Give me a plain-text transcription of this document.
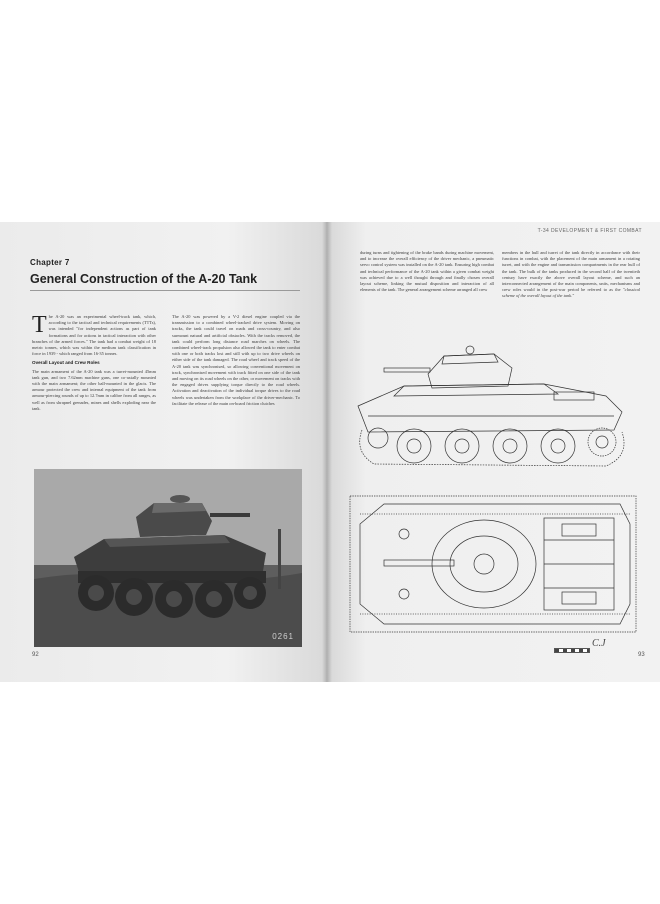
Chapter 7
General Construction of the A-20 Tank

The A-20 was an experimental wheel-track tank, which, according to the tactical and technical requirements (TTTs), was intended "for independent actions as part of tank formations and for actions in tactical interaction with other branches of the armed forces." The tank had a combat weight of 18 metric tonnes, which was within the medium tank classification in force in 1939 - which ranged from 16-35 tonnes.

Overall Layout and Crew Roles

The main armament of the A-20 tank was a turret-mounted 45mm tank gun, and two 7.62mm machine guns, one co-axially mounted with the main armament; the other ball-mounted in the glacis. The armour protected the crew and internal equipment of the tank from armour-piercing rounds of up to 12.7mm in calibre from all ranges, as well as from shrapnel grenades, mines and shells exploding near the tank.

The A-20 was powered by a V-2 diesel engine coupled via the transmission to a combined wheel-tracked drive system. Moving on tracks, the tank could travel on roads and cross-country, and also surmount natural and artificial obstacles. With the tracks removed, the tank could perform long distance road marches on wheels. The combined wheel-track propulsion also allowed the tank to enter combat with one or both tracks lost and still with up to two drive wheels on either side of the tank damaged. The road wheel and track speed of the A-20 tank was synchronised, so allowing conventional movement on track, synchronised movement with track fitted on one side of the tank and moving on its road wheels on the other, or movement on tracks with the engaged drives supplying torque directly to the road wheels. Activation and deactivation of the individual torque drives to the road wheels was undertaken from the workplace of the driver-mechanic. To facilitate the release of the main on-board friction clutches

0261
92
T-34 DEVELOPMENT & FIRST COMBAT

during turns and tightening of the brake bands during machine movement, and to increase the overall efficiency of the driver mechanic, a pneumatic servo control system was installed on the A-20 tank. Ensuring high combat and technical performance of the A-20 tank within a given combat weight was achieved due to a well thought through and finally chosen overall layout scheme, linking the mutual disposition and interaction of all elements of the tank. The general arrangement scheme arranged all crew

members in the hull and turret of the tank directly in accordance with their functions in combat, with the placement of the main armament in a rotating turret, and with the engine and transmission compartments in the rear hull of the tank. The bulk of the tanks produced in the second half of the twentieth century have exactly the above overall layout scheme, and such an interconnected arrangement of the main components, units, mechanisms and crew roles would in the post-war period be referred to as the "classical scheme of the overall layout of the tank."

C.J
93
